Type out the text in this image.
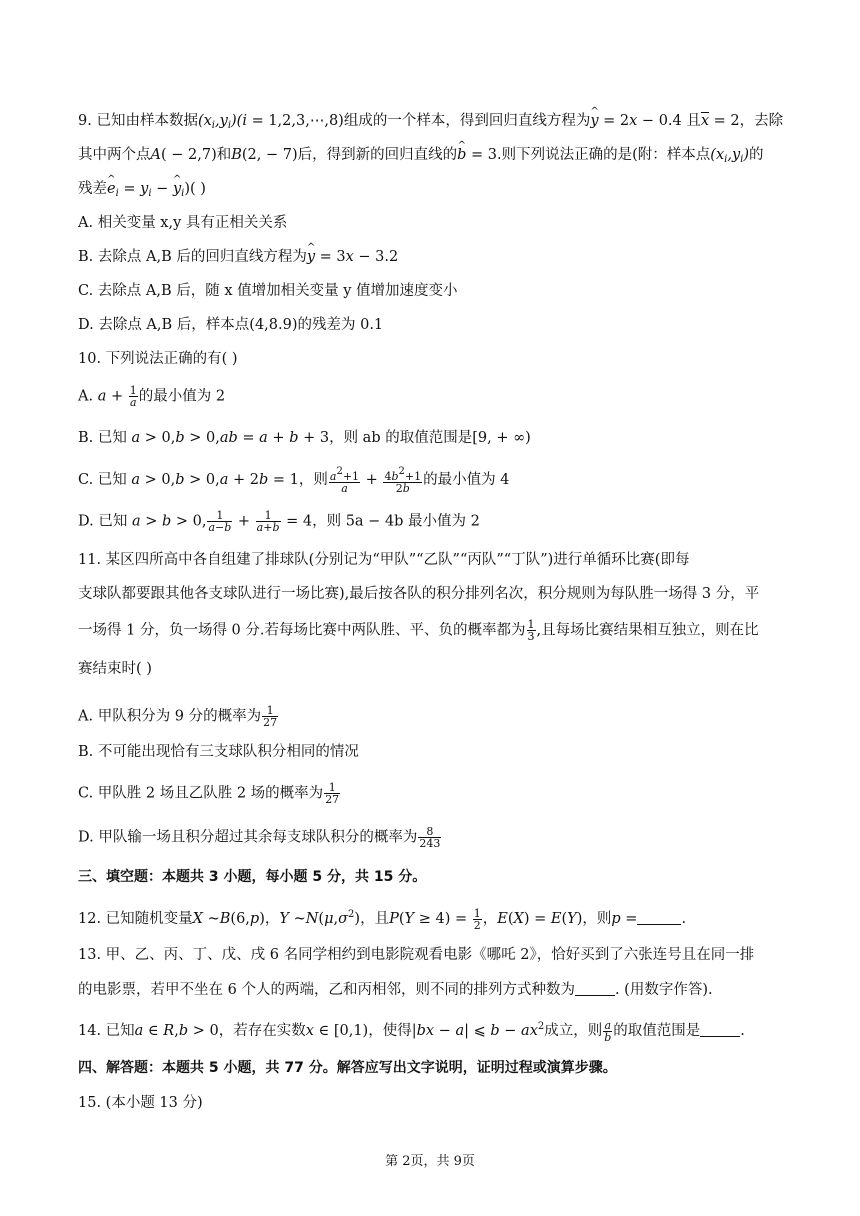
9. 已知由样本数据$(x_i,y_i)(i$ = 1,2,3,⋯,8)组成的一个样本，得到回归直线方程为^ y = 2x − 0.4 且$\overline{x} = 2$，去除
其中两个点A( − 2,7)和B(2, − 7)后，得到新的回归直线的^ b = 3.则下列说法正确的是(附：样本点$(x_i,y_i)$的
残差^ $e_i = y_i$ − ^ $y_i$)( )
A. 相关变量 x,y 具有正相关关系
B. 去除点 A,B 后的回归直线方程为^ y = 3x − 3.2
C. 去除点 A,B 后，随 x 值增加相关变量 y 值增加速度变小
D. 去除点 A,B 后，样本点(4,8.9)的残差为 0.1
10. 下列说法正确的有( )
A. $a + \frac{1}{a}$ 的最小值为 2
B. 已知 a > 0,b > 0,ab = a + b + 3，则 ab 的取值范围是[9, + ∞)
C. 已知 a > 0,b > 0,a + 2b = 1，则 $\frac{a2+1}{a} + \frac{4b2+1}{2b}$ 的最小值为 4
D. 已知 a > b > 0, $\frac{1}{a-b} + \frac{1}{a+b} = 4$，则 5a − 4b 最小值为 2
11. 某区四所高中各自组建了排球队(分别记为“甲队”“乙队”“丙队”“丁队”)进行单循环比赛(即每
支球队都要跟其他各支球队进行一场比赛),最后按各队的积分排列名次，积分规则为每队胜一场得 3 分，平
一场得 1 分，负一场得 0 分.若每场比赛中两队胜、平、负的概率都为 $\frac{1}{3}$ ,且每场比赛结果相互独立，则在比
赛结束时( )
A. 甲队积分为 9 分的概率为 $\frac{1}{27}$
B. 不可能出现恰有三支球队积分相同的情况
C. 甲队胜 2 场且乙队胜 2 场的概率为 $\frac{1}{27}$
D. 甲队输一场且积分超过其余每支球队积分的概率为 $\frac{8}{243}$
三、填空题：本题共 3 小题，每小题 5 分，共 15 分。
12. 已知随机变量X ~B(6,p)，Y $\sim N(\mu,\sigma^2)$，且$P(Y \ge 4) = \frac{1}{2}$ ，E(X) = E(Y)，则p =	.
13. 甲、乙、丙、丁、戊、戌 6 名同学相约到电影院观看电影《哪吒 2》，恰好买到了六张连号且在同一排
的电影票，若甲不坐在 6 个人的两端，乙和丙相邻，则不同的排列方式种数为	. (用数字作答).
14. 已知a ∈ R,b > 0，若存在实数x ∈ [0,1)，使得|bx − a| ⩽ $b - ax^2$成立，则 $\frac{a}{b}$ 的取值范围是	.
四、解答题：本题共 5 小题，共 77 分。解答应写出文字说明，证明过程或演算步骤。
15. (本小题 13 分)
第 2页，共 9页
